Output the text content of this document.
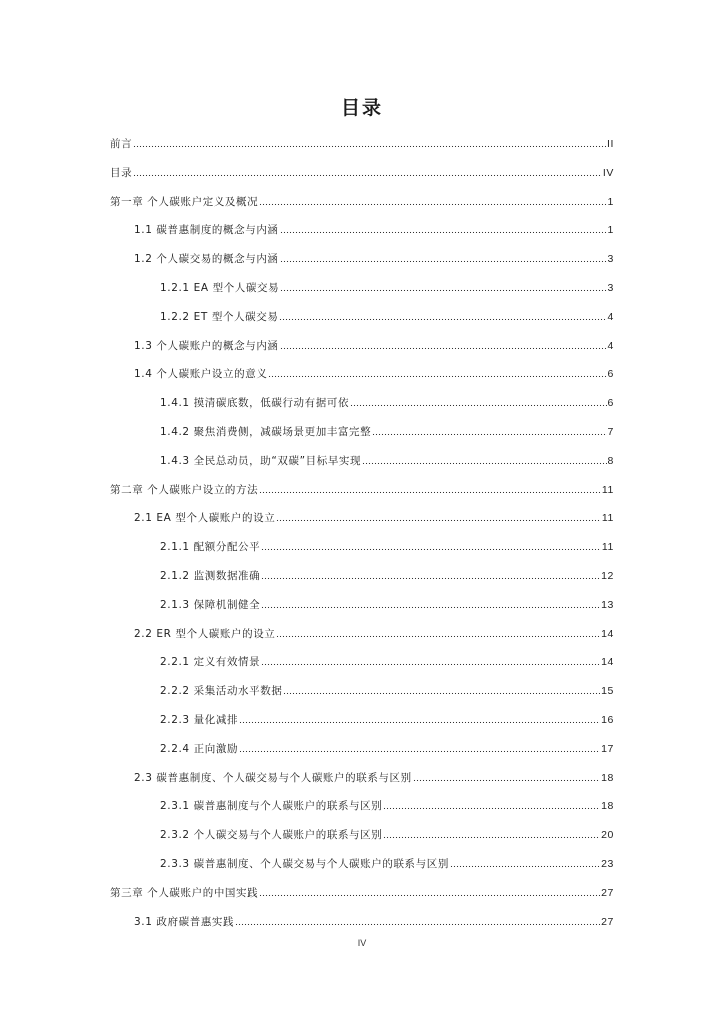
目录
前言	II
目录	IV
第一章 个人碳账户定义及概况	1
1.1 碳普惠制度的概念与内涵	1
1.2 个人碳交易的概念与内涵	3
1.2.1 EA 型个人碳交易	3
1.2.2 ET 型个人碳交易	4
1.3 个人碳账户的概念与内涵	4
1.4 个人碳账户设立的意义	6
1.4.1 摸清碳底数，低碳行动有据可依	6
1.4.2 聚焦消费侧，减碳场景更加丰富完整	7
1.4.3 全民总动员，助“双碳”目标早实现	8
第二章 个人碳账户设立的方法	11
2.1 EA 型个人碳账户的设立	11
2.1.1 配额分配公平	11
2.1.2 监测数据准确	12
2.1.3 保障机制健全	13
2.2 ER 型个人碳账户的设立	14
2.2.1 定义有效情景	14
2.2.2 采集活动水平数据	15
2.2.3 量化减排	16
2.2.4 正向激励	17
2.3 碳普惠制度、个人碳交易与个人碳账户的联系与区别	18
2.3.1 碳普惠制度与个人碳账户的联系与区别	18
2.3.2 个人碳交易与个人碳账户的联系与区别	20
2.3.3 碳普惠制度、个人碳交易与个人碳账户的联系与区别	23
第三章 个人碳账户的中国实践	27
3.1 政府碳普惠实践	27
IV
